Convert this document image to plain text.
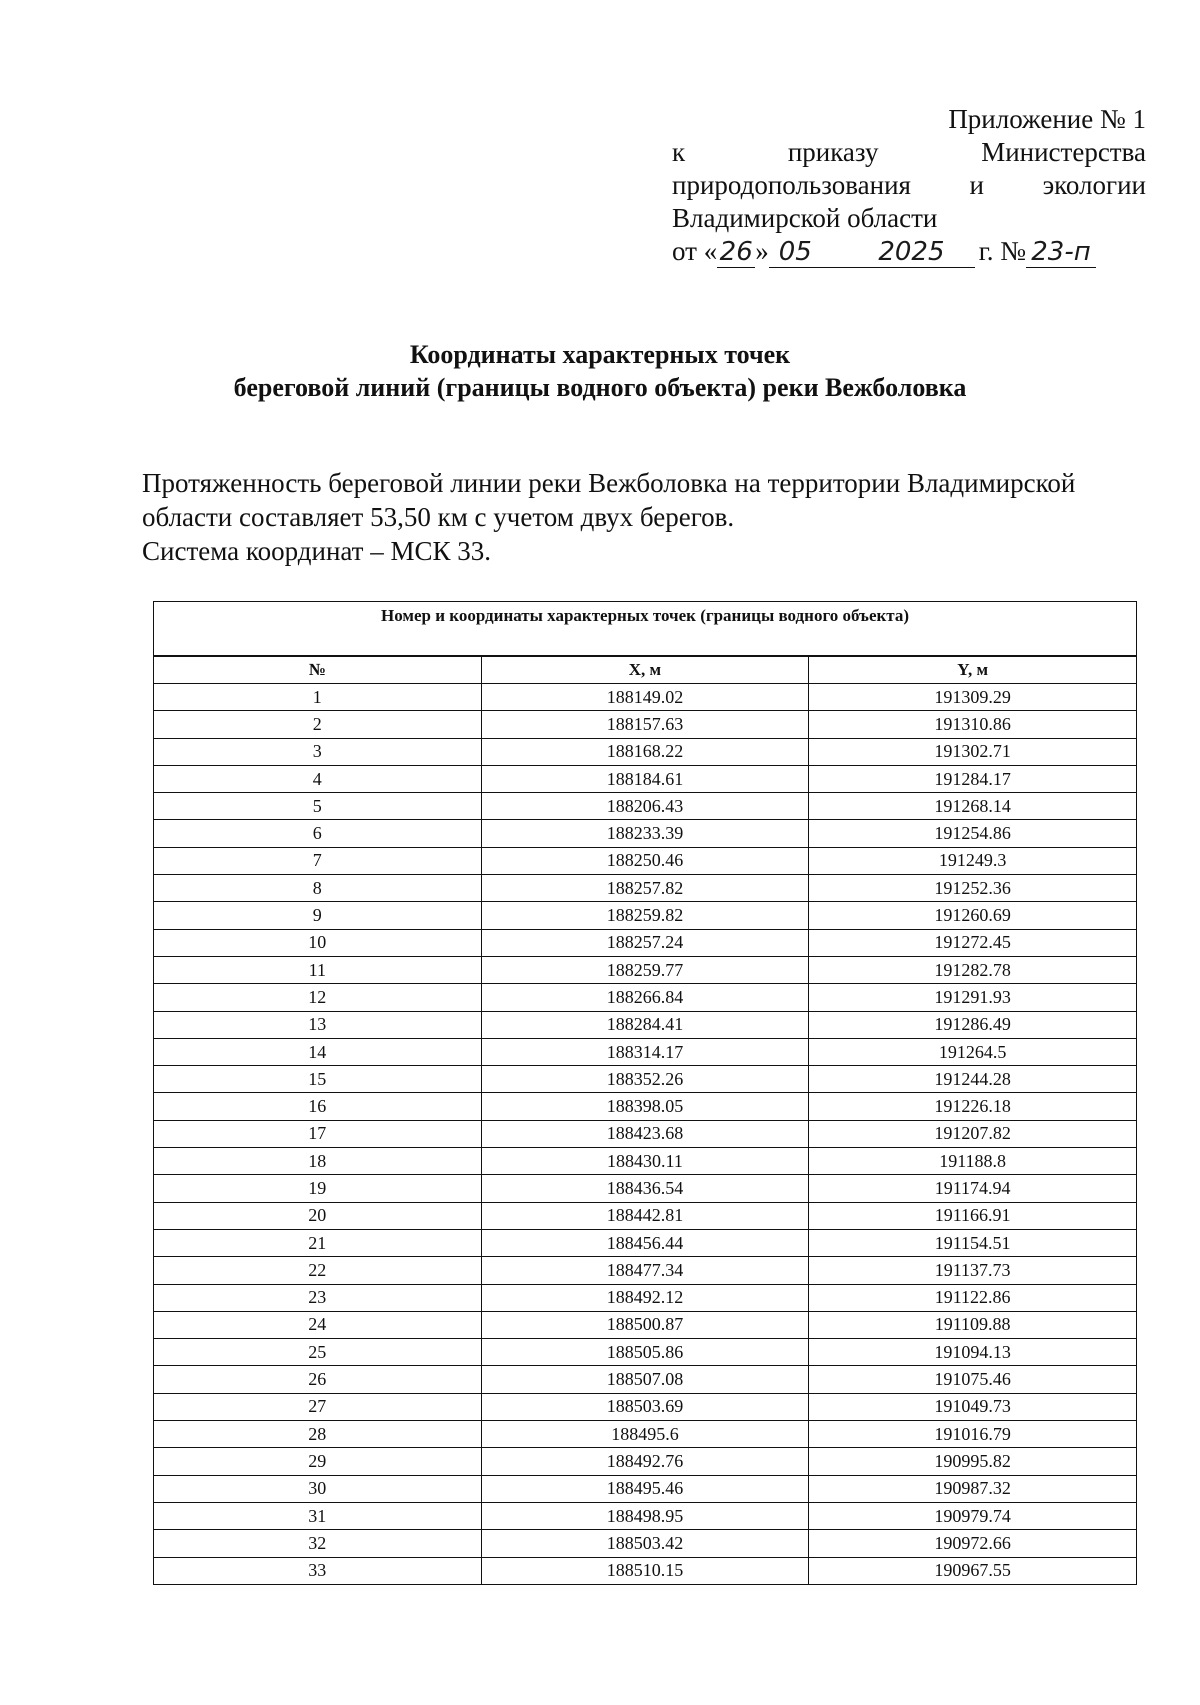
Приложение № 1
к	приказу	Министерства
природопользования и экологии
Владимирской области
от « 26 » 05	2025	г. № 23-п
Координаты характерных точек
береговой линий (границы водного объекта) реки Вежболовка
Протяженность береговой линии реки Вежболовка на территории Владимирской
области составляет 53,50 км с учетом двух берегов.
Система координат – МСК 33.
Номер и координаты характерных точек (границы водного объекта)		
№	X, м	Y, м
1	188149.02	191309.29
2	188157.63	191310.86
3	188168.22	191302.71
4	188184.61	191284.17
5	188206.43	191268.14
6	188233.39	191254.86
7	188250.46	191249.3
8	188257.82	191252.36
9	188259.82	191260.69
10	188257.24	191272.45
11	188259.77	191282.78
12	188266.84	191291.93
13	188284.41	191286.49
14	188314.17	191264.5
15	188352.26	191244.28
16	188398.05	191226.18
17	188423.68	191207.82
18	188430.11	191188.8
19	188436.54	191174.94
20	188442.81	191166.91
21	188456.44	191154.51
22	188477.34	191137.73
23	188492.12	191122.86
24	188500.87	191109.88
25	188505.86	191094.13
26	188507.08	191075.46
27	188503.69	191049.73
28	188495.6	191016.79
29	188492.76	190995.82
30	188495.46	190987.32
31	188498.95	190979.74
32	188503.42	190972.66
33	188510.15	190967.55
